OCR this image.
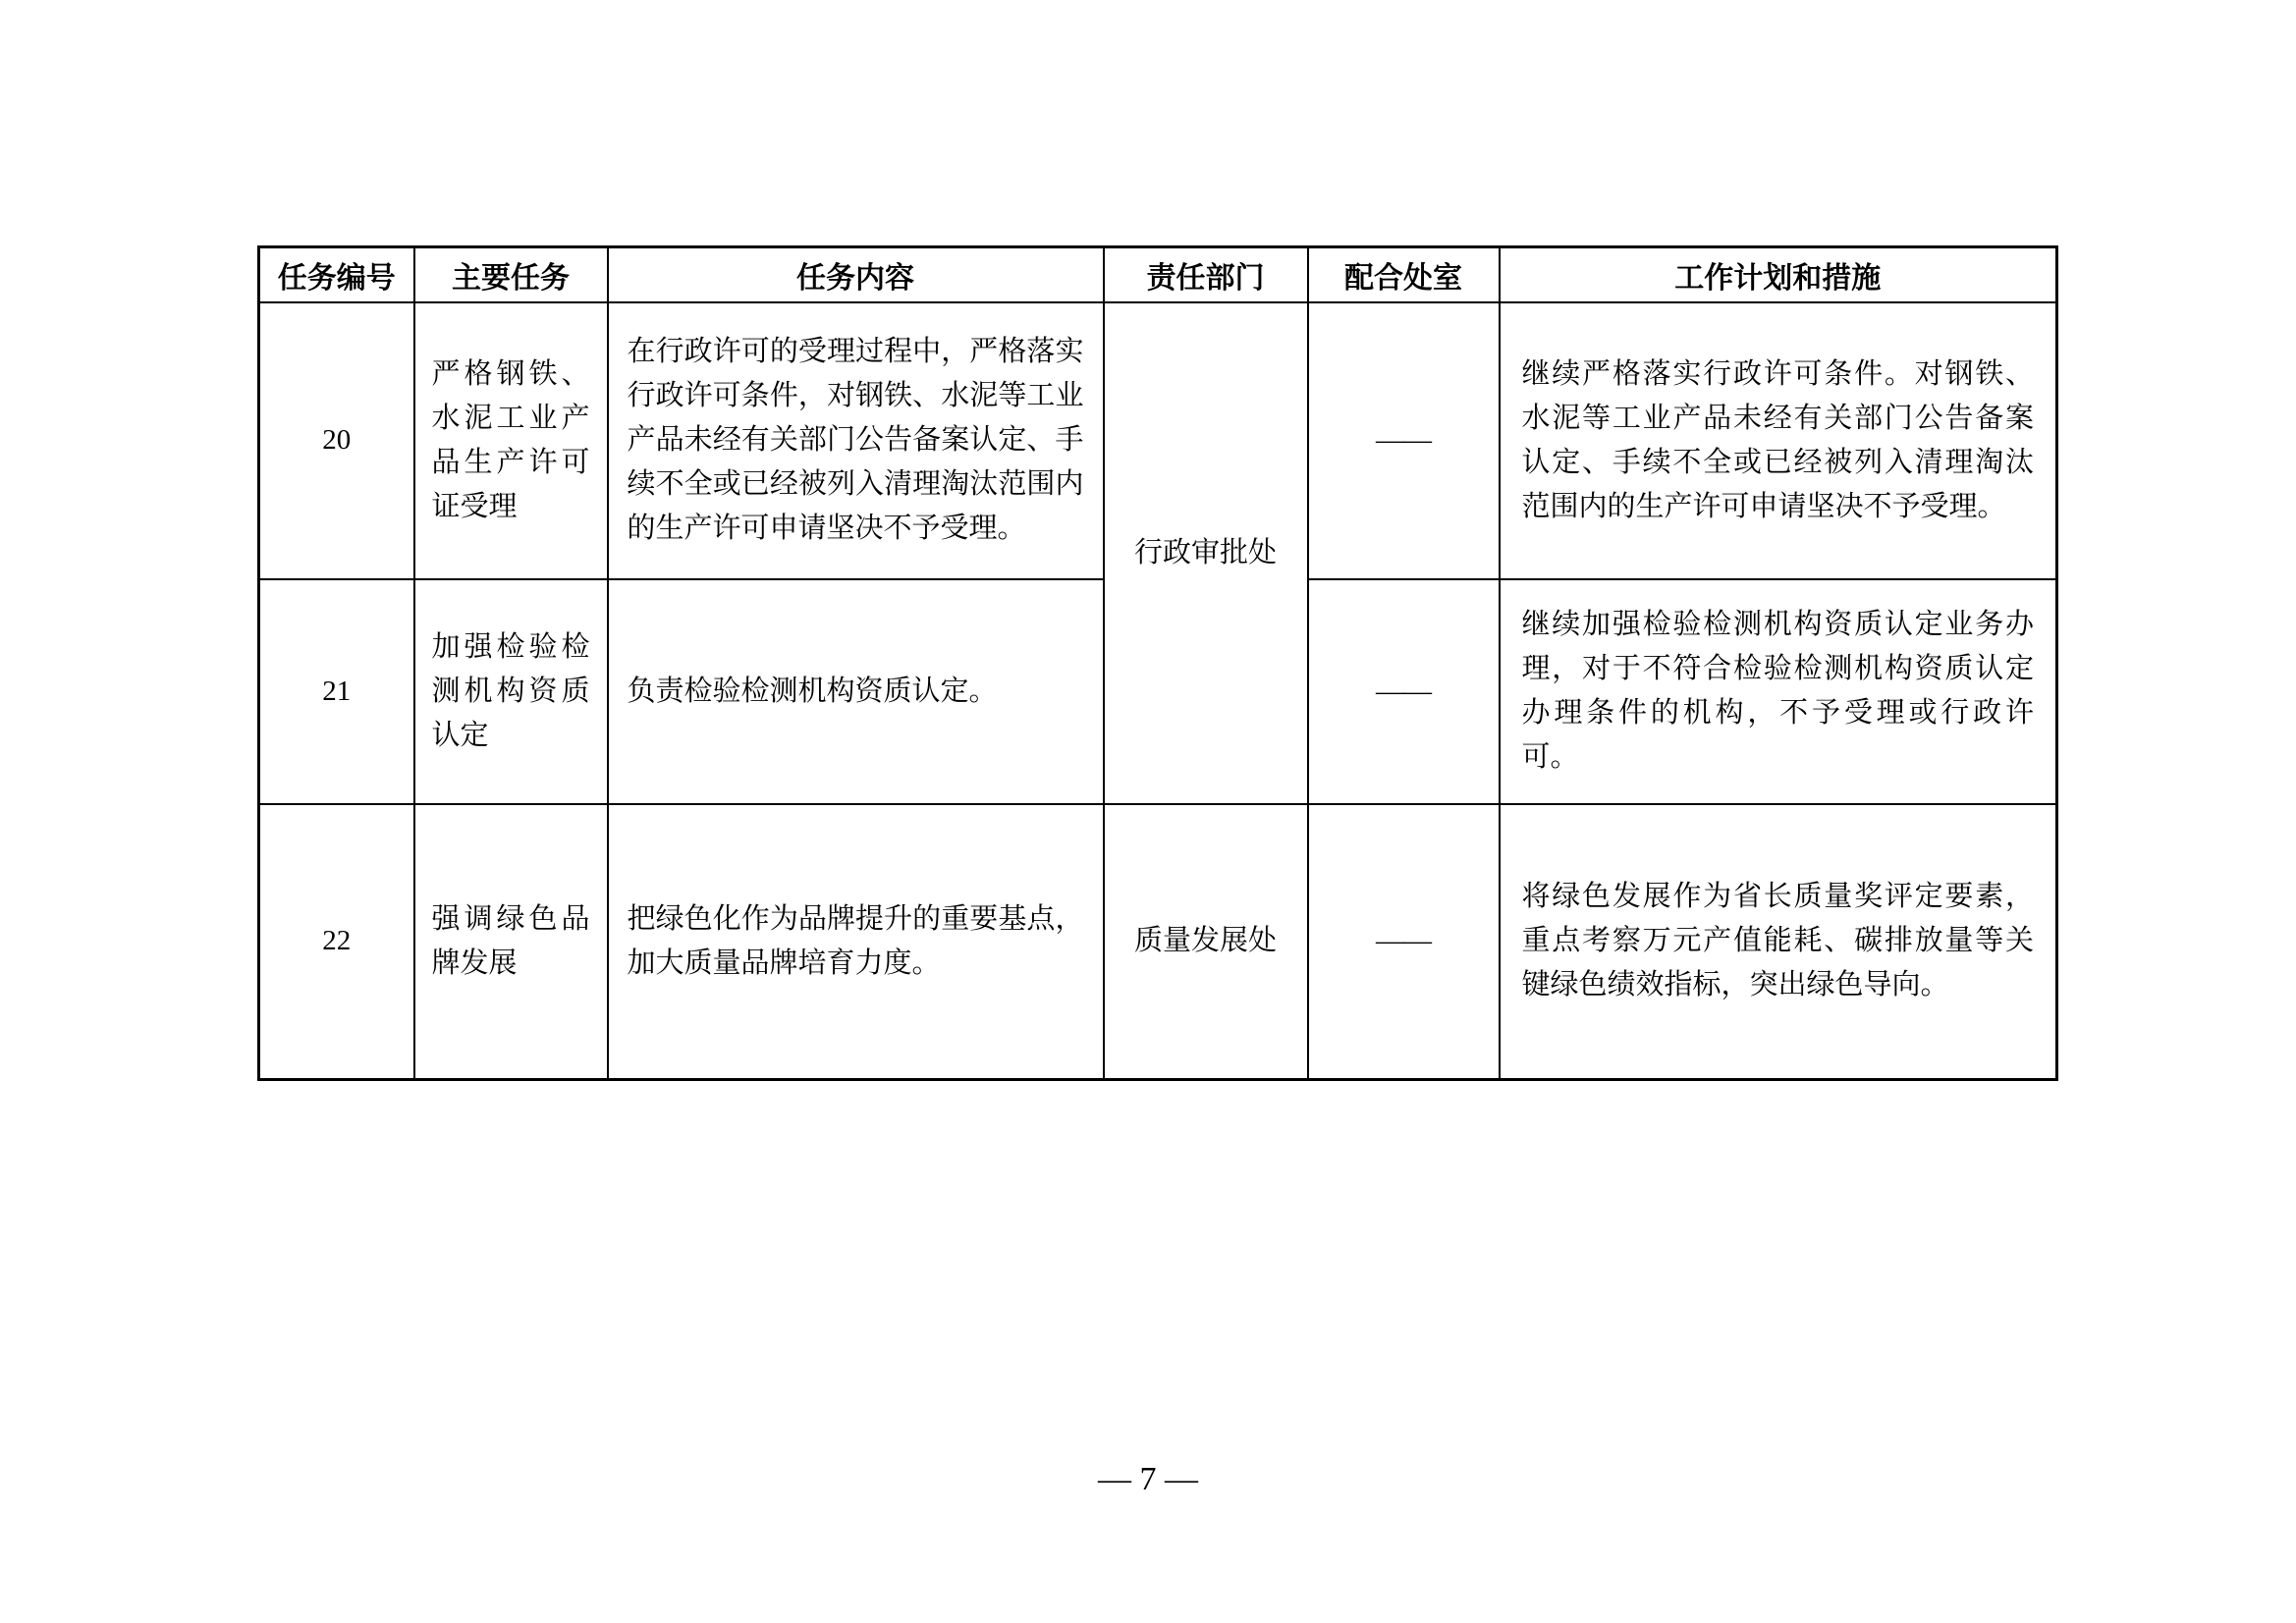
任务编号	主要任务	任务内容	责任部门	配合处室	工作计划和措施
20	严格钢铁、水泥工业产品生产许可证受理	在行政许可的受理过程中，严格落实行政许可条件，对钢铁、水泥等工业产品未经有关部门公告备案认定、手续不全或已经被列入清理淘汰范围内的生产许可申请坚决不予受理。	行政审批处	——	继续严格落实行政许可条件。对钢铁、水泥等工业产品未经有关部门公告备案认定、手续不全或已经被列入清理淘汰范围内的生产许可申请坚决不予受理。
21	加强检验检测机构资质认定	负责检验检测机构资质认定。		——	继续加强检验检测机构资质认定业务办理，对于不符合检验检测机构资质认定办理条件的机构，不予受理或行政许可。
22	强调绿色品牌发展	把绿色化作为品牌提升的重要基点，加大质量品牌培育力度。	质量发展处	——	将绿色发展作为省长质量奖评定要素，重点考察万元产值能耗、碳排放量等关键绿色绩效指标，突出绿色导向。
— 7 —
